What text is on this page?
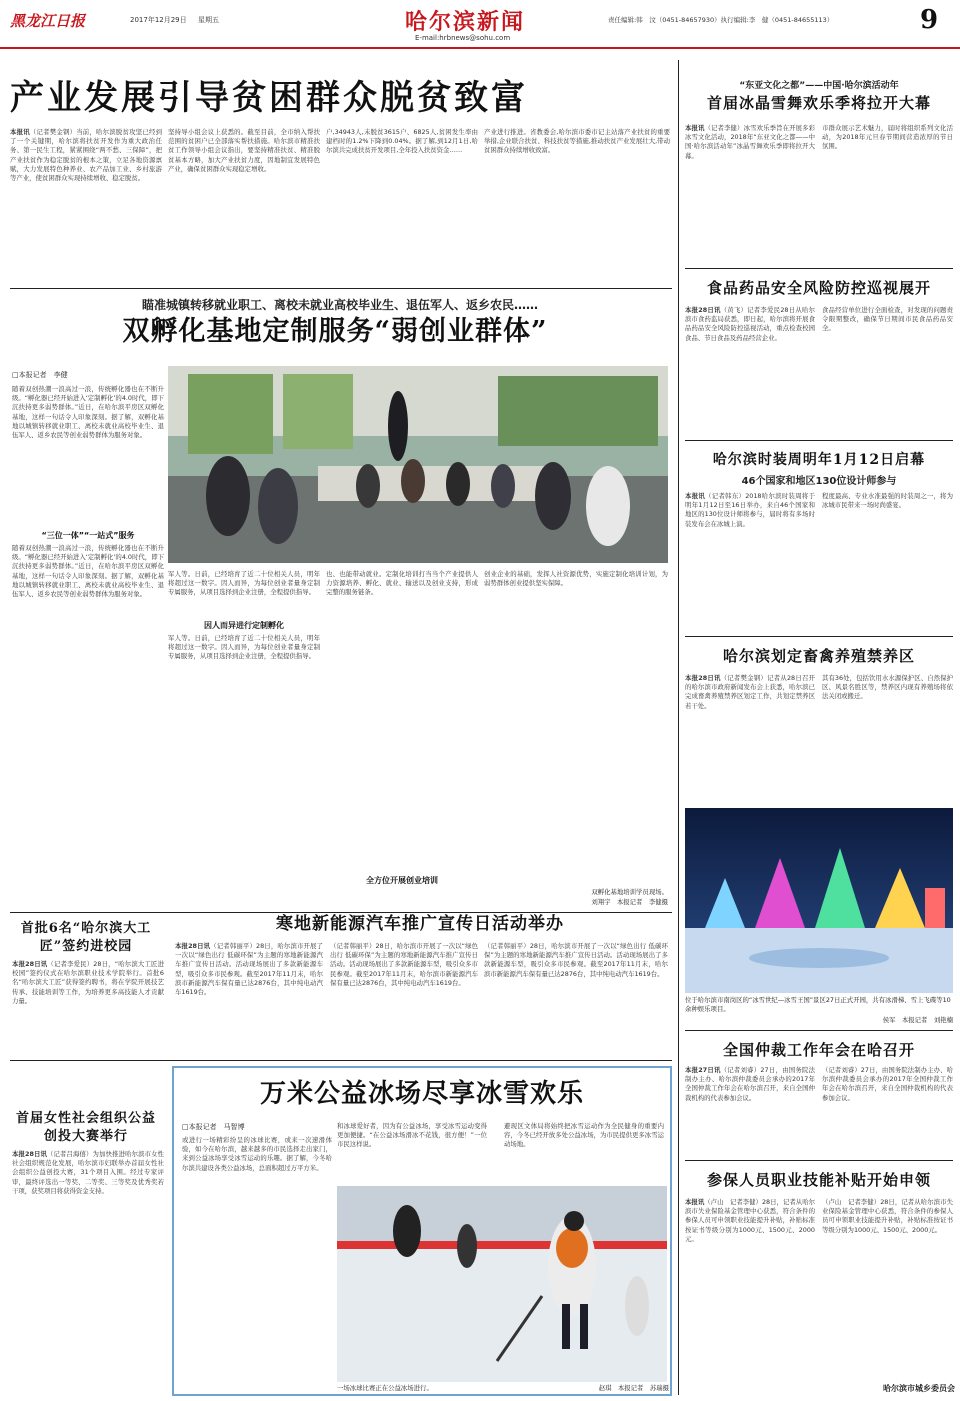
黑龙江日报	2017年12月29日 星期五	哈尔滨新闻
E-mail:hrbnews@sohu.com
责任编辑:韩　汶（0451-84657930）执行编辑:李　健（0451-84655113）	9
产业发展引导贫困群众脱贫致富
本报讯（记者樊金钢）当前，哈尔滨脱贫攻坚已经到了一个关键期，哈尔滨将扶贫开发作为重大政治任务、第一民生工程，紧紧围绕“两不愁、三保障”，把产业扶贫作为稳定脱贫的根本之策，立足各地资源禀赋，大力发展特色种养业、农产品加工业、乡村旅游等产业，使贫困群众实现持续增收、稳定脱贫。
坚持导小组会议上获悉的。截至目前，全市纳入帮扶范围的贫困户已全部落实帮扶措施。哈尔滨市精准扶贫工作领导小组会议指出，要坚持精准扶贫、精准脱贫基本方略，加大产业扶贫力度，因地制宜发展特色产业，确保贫困群众实现稳定增收。
户,34943人,未脱贫3615户、6825人,贫困发生率由建档时的1.2%下降到0.04%。据了解,到12月1日,哈尔滨共完成扶贫开发项目,全年投入扶贫资金……
产业进行推进。省教委会,哈尔滨市委市记主站落产业扶贫的重要举措,企业联合扶贫、科技扶贫等措施,推动扶贫产业发展壮大,带动贫困群众持续增收致富。
瞄准城镇转移就业职工、离校未就业高校毕业生、退伍军人、返乡农民……
双孵化基地定制服务“弱创业群体”
□本报记者　李健
随着双创热潮一浪高过一浪，传统孵化器也在不断升级。“孵化器已经开始进入‘定制孵化’的4.0时代，即下沉扶持更多弱势群体。”近日，在哈尔滨平房区双孵化基地，这样一句话令人印象深刻。据了解，双孵化基地以城镇转移就业职工、离校未就业高校毕业生、退伍军人、返乡农民等创业弱势群体为服务对象。
“三位一体”“一站式”服务
随着双创热潮一浪高过一浪，传统孵化器也在不断升级。“孵化器已经开始进入‘定制孵化’的4.0时代，即下沉扶持更多弱势群体。”近日，在哈尔滨平房区双孵化基地，这样一句话令人印象深刻。据了解，双孵化基地以城镇转移就业职工、离校未就业高校毕业生、退伍军人、返乡农民等创业弱势群体为服务对象。
军人等。日前，已经培育了近二十位相关人员，明年将超过这一数字。因人而异，为每位创业者量身定制专属服务，从项目选择到企业注册，全程提供指导。
因人而异进行定制孵化
军人等。日前，已经培育了近二十位相关人员，明年将超过这一数字。因人而异，为每位创业者量身定制专属服务，从项目选择到企业注册，全程提供指导。
也、也能带动就业。定制化培训打当当个产业提供人力资源培养、孵化、就业、输送以及创业支持，形成完整的服务链条。
全方位开展创业培训
创业企业的基础，发挥人社资源优势，实施定制化培训计划，为弱势群体创业提供坚实保障。
双孵化基地培训学员现场。
刘翔宇　本报记者　李健摄
首批6名“哈尔滨大工匠”签约进校园
本报28日讯（记者李爱民）28日，“哈尔滨大工匠进校园”签约仪式在哈尔滨职业技术学院举行。首批6名“哈尔滨大工匠”获得签约聘书，将在学院开展技艺传承、技能培训等工作，为培养更多高技能人才贡献力量。
寒地新能源汽车推广宣传日活动举办
本报28日讯（记者韩丽平）28日，哈尔滨市开展了一次以“绿色出行 低碳环保”为主题的寒地新能源汽车推广宣传日活动。活动现场展出了多款新能源车型，吸引众多市民参观。截至2017年11月末，哈尔滨市新能源汽车保有量已达2876台，其中纯电动汽车1619台。
（记者韩丽平）28日，哈尔滨市开展了一次以“绿色出行 低碳环保”为主题的寒地新能源汽车推广宣传日活动。活动现场展出了多款新能源车型，吸引众多市民参观。截至2017年11月末，哈尔滨市新能源汽车保有量已达2876台，其中纯电动汽车1619台。
（记者韩丽平）28日，哈尔滨市开展了一次以“绿色出行 低碳环保”为主题的寒地新能源汽车推广宣传日活动。活动现场展出了多款新能源车型，吸引众多市民参观。截至2017年11月末，哈尔滨市新能源汽车保有量已达2876台，其中纯电动汽车1619台。
首届女性社会组织公益创投大赛举行
本报28日讯（记者吕海僖）为加快推进哈尔滨市女性社会组织规范化发展，哈尔滨市妇联举办首届女性社会组织公益创投大赛，31个项目入围。经过专家评审，最终评选出一等奖、二等奖、三等奖及优秀奖若干项，获奖项目将获得资金支持。
万米公益冰场尽享冰雪欢乐
□本报记者　马智博
或进行一场精彩纷呈的冰球比赛，或来一次速滑体验，如今在哈尔滨，越来越多的市民选择走出家门，来到公益冰场享受冰雪运动的乐趣。据了解，今冬哈尔滨共建设各类公益冰场，总面积超过万平方米。
和冰球爱好者，因为有公益冰场，享受冰雪运动变得更加便捷。“在公益冰场滑冰不花钱，很方便！”一位市民这样说。
避现区文体局将始终把冰雪运动作为全民健身的重要内容，今冬已经开放多处公益冰场，为市民提供更多冰雪运动场地。
一场冰球比赛正在公益冰场进行。	赵琪　本报记者　苏瑞摄
“东亚文化之都”——中国·哈尔滨活动年
首届冰晶雪舞欢乐季将拉开大幕
本报讯（记者李健）冰雪欢乐季旨在开展多彩冰雪文化活动，2018年“东亚文化之都——中国·哈尔滨活动年”冰晶雪舞欢乐季即将拉开大幕。
市群众展示艺术魅力，届时将组织系列文化活动，为2018年元旦春节期间营造浓厚的节日氛围。
食品药品安全风险防控巡视展开
本报28日讯（黄飞）记者李爱民28日从哈尔滨市食药监局获悉，即日起，哈尔滨将开展食品药品安全风险防控巡视活动，重点检查校园食品、节日食品及药品经营企业。
食品经营单位进行全面检查，对发现的问题责令限期整改，确保节日期间市民食品药品安全。
哈尔滨时装周明年1月12日启幕
46个国家和地区130位设计师参与
本报讯（记者韩东）2018哈尔滨时装周将于明年1月12日至16日举办，来自46个国家和地区的130位设计师将参与，届时将有多场时装发布会在冰城上演。
程度最高、专业水准最强的时装周之一，将为冰城市民带来一场时尚盛宴。
哈尔滨划定畜禽养殖禁养区
本报28日讯（记者樊金钢）记者从28日召开的哈尔滨市政府新闻发布会上获悉，哈尔滨已完成畜禽养殖禁养区划定工作，共划定禁养区若干处。
其有36处，包括饮用水水源保护区、自然保护区、风景名胜区等，禁养区内现有养殖场将依法关闭或搬迁。
位于哈尔滨市南岗区的“冰雪世纪—冰雪王国”景区27日正式开园，共有冰滑梯、雪上飞碟等10余种娱乐项目。
侯军　本报记者　刘艳楠
全国仲裁工作年会在哈召开
本报27日讯（记者刘睿）27日，由国务院法制办主办、哈尔滨仲裁委员会承办的2017年全国仲裁工作年会在哈尔滨召开，来自全国仲裁机构的代表参加会议。
（记者刘睿）27日，由国务院法制办主办、哈尔滨仲裁委员会承办的2017年全国仲裁工作年会在哈尔滨召开，来自全国仲裁机构的代表参加会议。
参保人员职业技能补贴开始申领
本报讯（卢山　记者李健）28日，记者从哈尔滨市失业保险基金管理中心获悉，符合条件的参保人员可申领职业技能提升补贴，补贴标准按证书等级分别为1000元、1500元、2000元。
（卢山　记者李健）28日，记者从哈尔滨市失业保险基金管理中心获悉，符合条件的参保人员可申领职业技能提升补贴，补贴标准按证书等级分别为1000元、1500元、2000元。
哈尔滨市城乡委员会
